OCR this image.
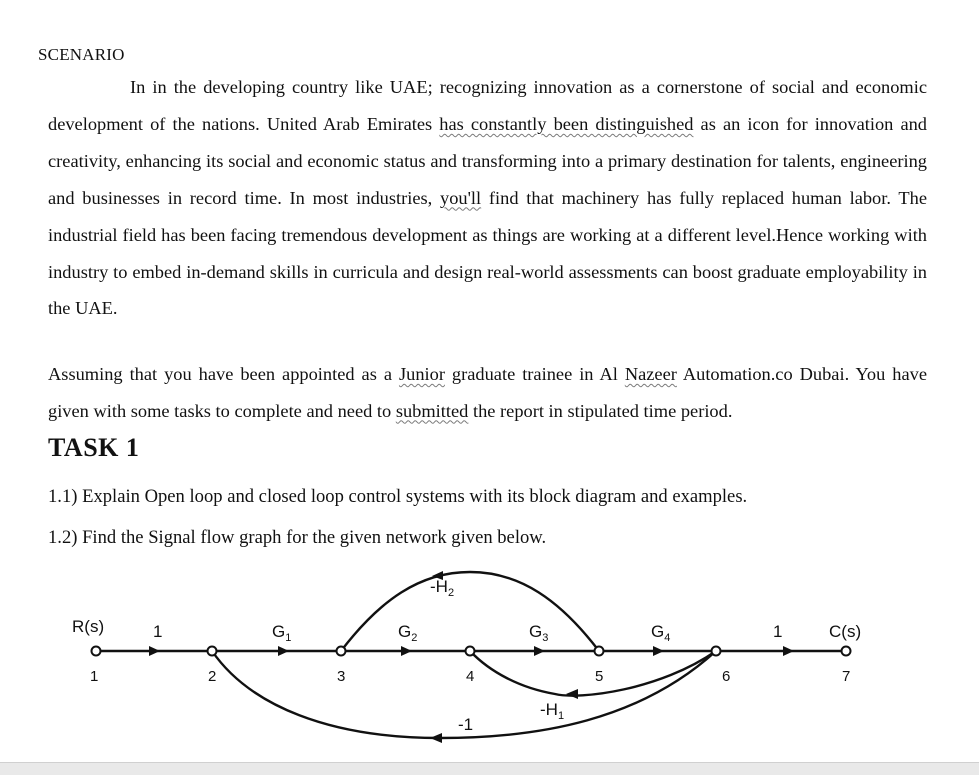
SCENARIO
In in the developing country like UAE; recognizing innovation as a cornerstone of social and economic development of the nations. United Arab Emirates has constantly been distinguished as an icon for innovation and creativity, enhancing its social and economic status and transforming into a primary destination for talents, engineering and businesses in record time. In most industries, you'll find that machinery has fully replaced human labor. The industrial field has been facing tremendous development as things are working at a different level.Hence working with industry to embed in-demand skills in curricula and design real-world assessments can boost graduate employability in the UAE.
Assuming that you have been appointed as a Junior graduate trainee in Al Nazeer Automation.co Dubai. You have given with some tasks to complete and need to submitted the report in stipulated time period.
TASK 1
1.1) Explain Open loop and closed loop control systems with its block diagram and examples.
1.2) Find the Signal flow graph for the given network given below.
R(s)	C(s)
1	2	3	4	5	6	7
1	$G_1$	$G_2$	$G_3$	$G_4$	1
$-H_2$
$-H_1$
-1
